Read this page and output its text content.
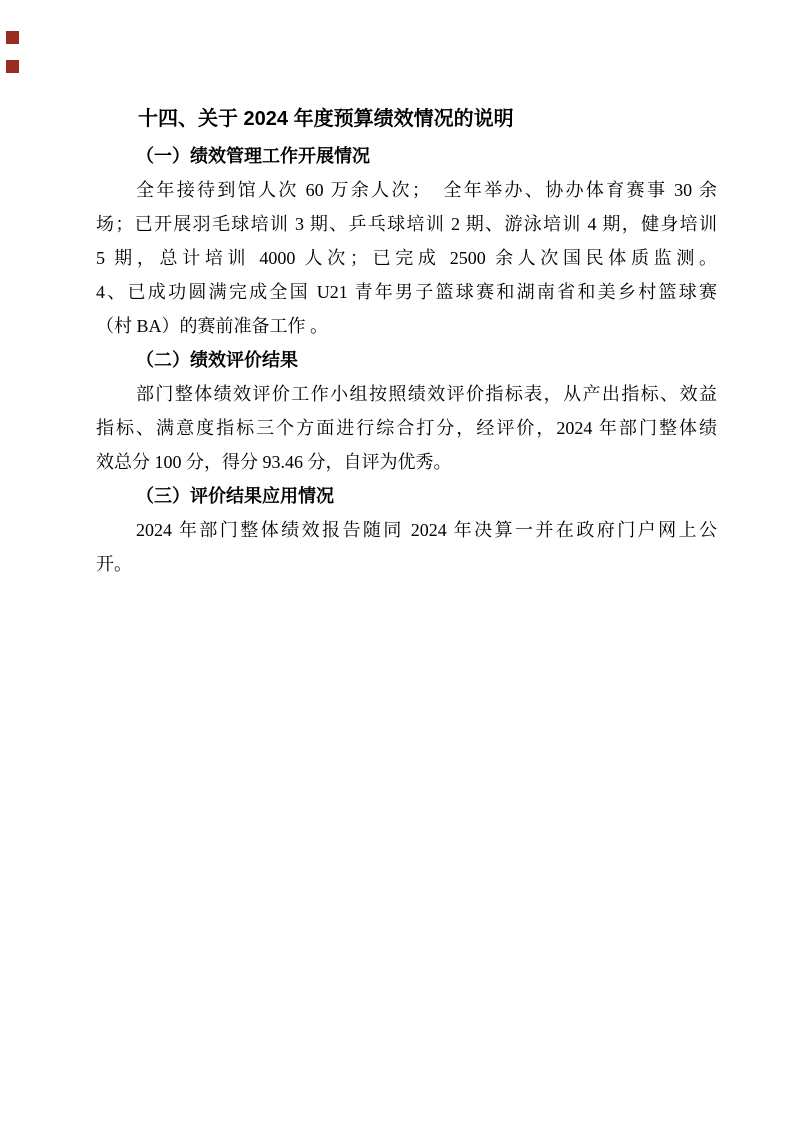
十四、关于 2024 年度预算绩效情况的说明
（一）绩效管理工作开展情况
全年接待到馆人次 60 万余人次；　全年举办、协办体育赛事 30 余
场；已开展羽毛球培训 3 期、乒乓球培训 2 期、游泳培训 4 期，健身培训
5 期，总计培训 4000 人次；已完成 2500 余人次国民体质监测。
4、已成功圆满完成全国 U21 青年男子篮球赛和湖南省和美乡村篮球赛
（村 BA）的赛前准备工作 。
（二）绩效评价结果
部门整体绩效评价工作小组按照绩效评价指标表，从产出指标、效益
指标、满意度指标三个方面进行综合打分，经评价，2024 年部门整体绩
效总分 100 分，得分 93.46 分，自评为优秀。
（三）评价结果应用情况
2024 年部门整体绩效报告随同 2024 年决算一并在政府门户网上公
开。
